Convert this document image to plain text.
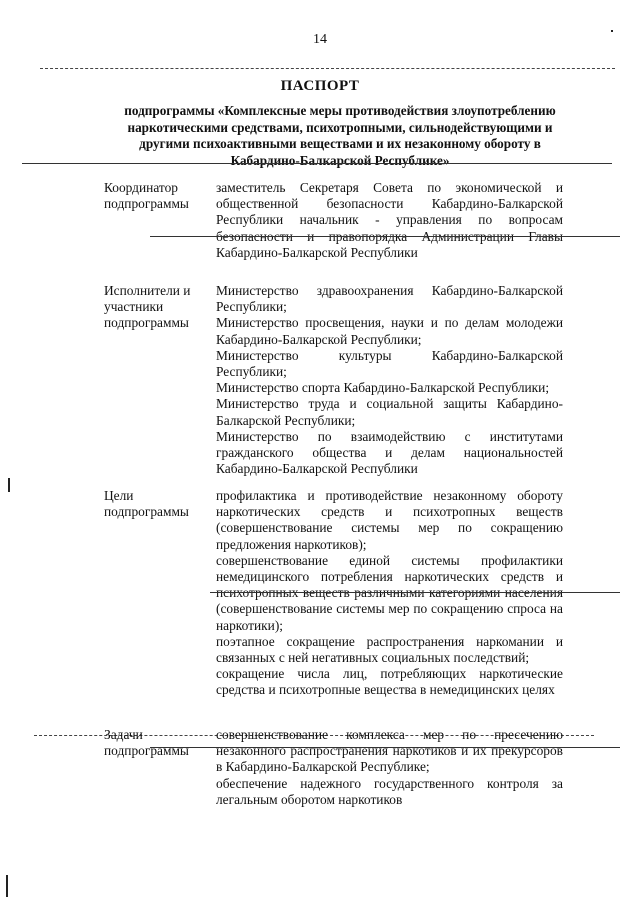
14
ПАСПОРТ
подпрограммы «Комплексные меры противодействия злоупотреблению наркотическими средствами, психотропными, сильнодействующими и другими психоактивными веществами и их незаконному обороту в Кабардино-Балкарской Республике»
Координатор подпрограммы

заместитель Секретаря Совета по экономической и общественной безопасности Кабардино-Балкарской Республики начальник - управления по вопросам безопасности и правопорядка Администрации Главы Кабардино-Балкарской Республики

Исполнители и участники подпрограммы

Министерство здравоохранения Кабардино-Балкарской Республики;

Министерство просвещения, науки и по делам молодежи Кабардино-Балкарской Республики;

Министерство культуры Кабардино-Балкарской Республики;

Министерство спорта Кабардино-Балкарской Республики;

Министерство труда и социальной защиты Кабардино-Балкарской Республики;

Министерство по взаимодействию с институтами гражданского общества и делам национальностей Кабардино-Балкарской Республики

Цели подпрограммы

профилактика и противодействие незаконному обороту наркотических средств и психотропных веществ (совершенствование системы мер по сокращению предложения наркотиков);

совершенствование единой системы профилактики немедицинского потребления наркотических средств и психотропных веществ различными категориями населения (совершенствование системы мер по сокращению спроса на наркотики);

поэтапное сокращение распространения наркомании и связанных с ней негативных социальных последствий;

сокращение числа лиц, потребляющих наркотические средства и психотропные вещества в немедицинских целях

Задачи подпрограммы

совершенствование комплекса мер по пресечению незаконного распространения наркотиков и их прекурсоров в Кабардино-Балкарской Республике;

обеспечение надежного государственного контроля за легальным оборотом наркотиков
